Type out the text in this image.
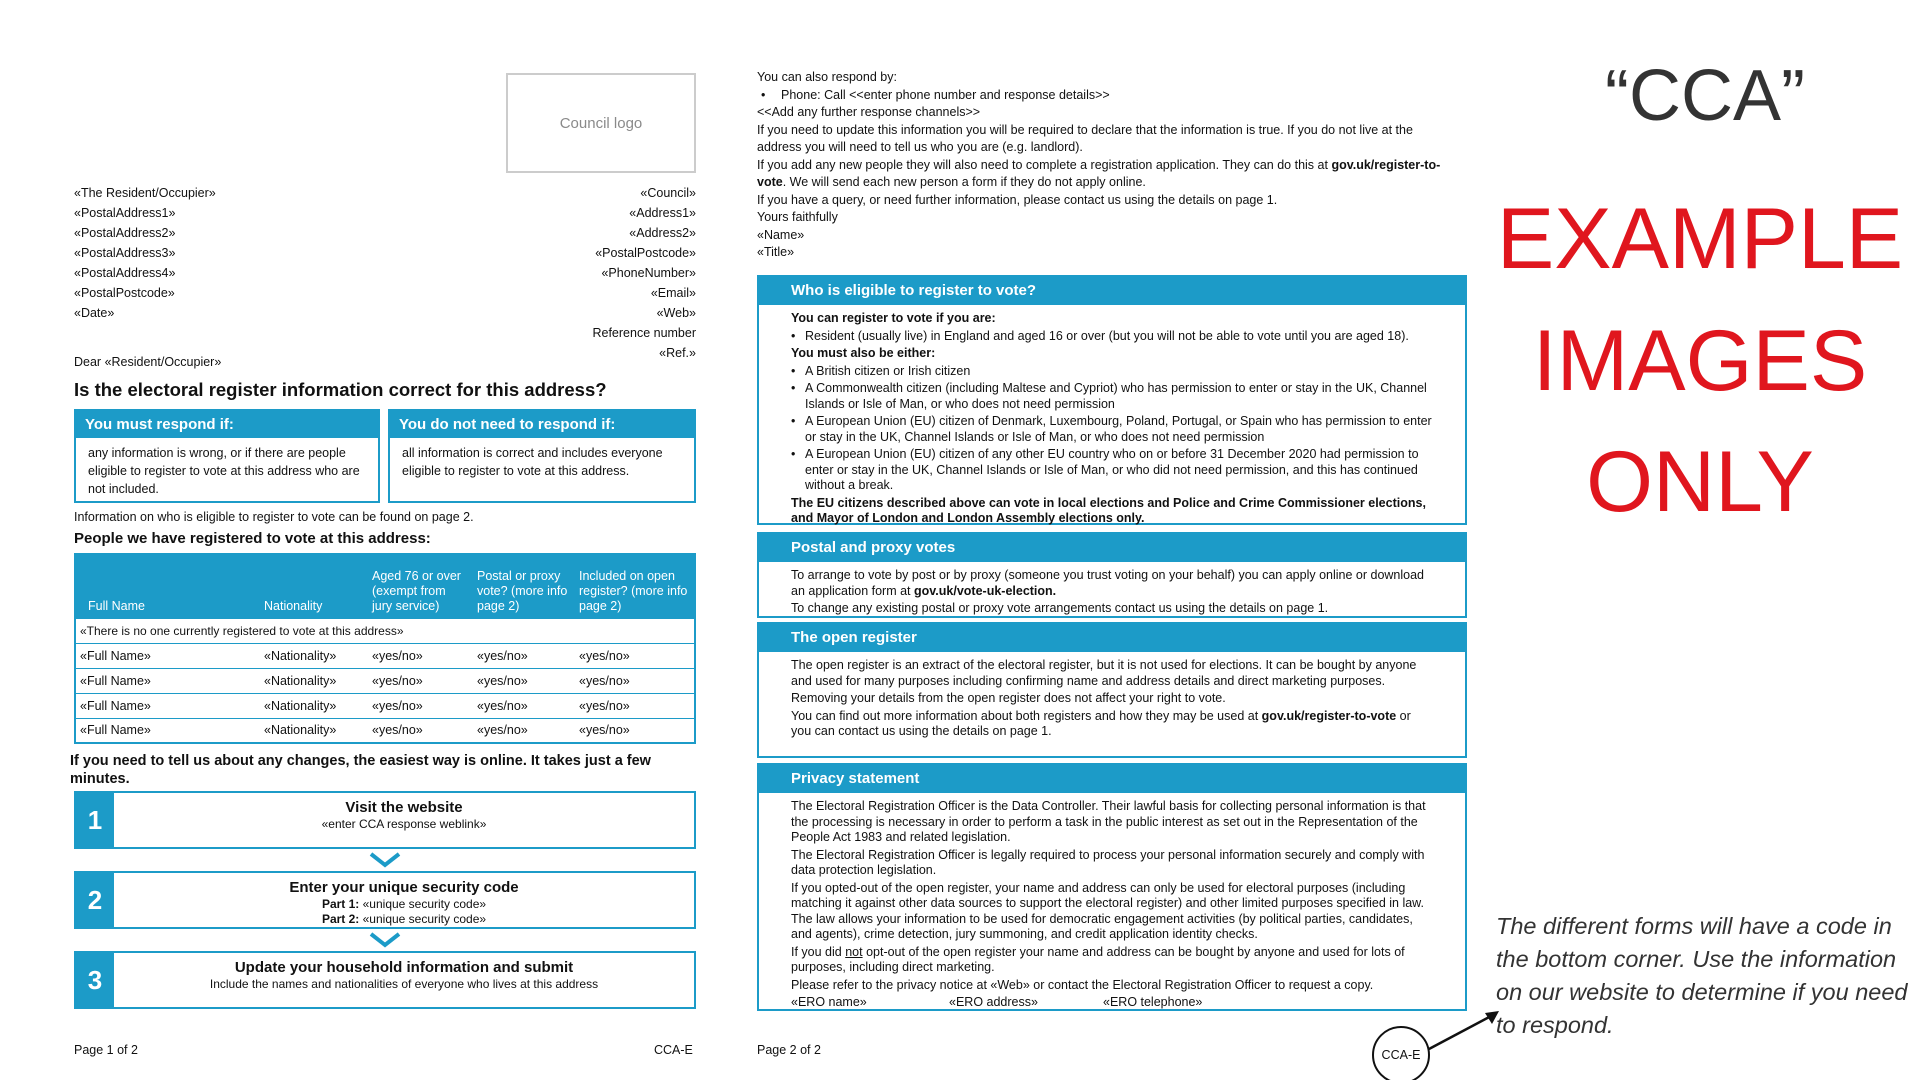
Council logo
«The Resident/Occupier»
«PostalAddress1»
«PostalAddress2»
«PostalAddress3»
«PostalAddress4»
«PostalPostcode»
«Date»
«Council»
«Address1»
«Address2»
«PostalPostcode»
«PhoneNumber»
«Email»
«Web»
Reference number
«Ref.»
Dear «Resident/Occupier»
Is the electoral register information correct for this address?
You must respond if:
any information is wrong, or if there are people eligible to register to vote at this address who are not included.
You do not need to respond if:
all information is correct and includes everyone eligible to register to vote at this address.
Information on who is eligible to register to vote can be found on page 2.
People we have registered to vote at this address:
Full Name	Nationality	Aged 76 or over (exempt from jury service)	Postal or proxy vote? (more info page 2)	Included on open register? (more info page 2)
«There is no one currently registered to vote at this address»				
«Full Name»	«Nationality»	«yes/no»	«yes/no»	«yes/no»
«Full Name»	«Nationality»	«yes/no»	«yes/no»	«yes/no»
«Full Name»	«Nationality»	«yes/no»	«yes/no»	«yes/no»
«Full Name»	«Nationality»	«yes/no»	«yes/no»	«yes/no»
If you need to tell us about any changes, the easiest way is online. It takes just a few minutes.
1	Visit the website
«enter CCA response weblink»
2	Enter your unique security code
Part 1: «unique security code»
Part 2: «unique security code»
3	Update your household information and submit
Include the names and nationalities of everyone who lives at this address
Page 1 of 2	CCA-E

You can also respond by:

• Phone: Call <<enter phone number and response details>>

<<Add any further response channels>>

If you need to update this information you will be required to declare that the information is true. If you do not live at the address you will need to tell us who you are (e.g. landlord).

If you add any new people they will also need to complete a registration application. They can do this at gov.uk/register-to-vote. We will send each new person a form if they do not apply online.

If you have a query, or need further information, please contact us using the details on page 1.

Yours faithfully

«Name»

«Title»

Who is eligible to register to vote?

You can register to vote if you are:

• Resident (usually live) in England and aged 16 or over (but you will not be able to vote until you are aged 18).

You must also be either:

• A British citizen or Irish citizen

• A Commonwealth citizen (including Maltese and Cypriot) who has permission to enter or stay in the UK, Channel Islands or Isle of Man, or who does not need permission

• A European Union (EU) citizen of Denmark, Luxembourg, Poland, Portugal, or Spain who has permission to enter or stay in the UK, Channel Islands or Isle of Man, or who does not need permission

• A European Union (EU) citizen of any other EU country who on or before 31 December 2020 had permission to enter or stay in the UK, Channel Islands or Isle of Man, or who did not need permission, and this has continued without a break.

The EU citizens described above can vote in local elections and Police and Crime Commissioner elections, and Mayor of London and London Assembly elections only.

Postal and proxy votes

To arrange to vote by post or by proxy (someone you trust voting on your behalf) you can apply online or download an application form at gov.uk/vote-uk-election.

To change any existing postal or proxy vote arrangements contact us using the details on page 1.

The open register

The open register is an extract of the electoral register, but it is not used for elections. It can be bought by anyone and used for many purposes including confirming name and address details and direct marketing purposes.

Removing your details from the open register does not affect your right to vote.

You can find out more information about both registers and how they may be used at gov.uk/register-to-vote or you can contact us using the details on page 1.

Privacy statement

The Electoral Registration Officer is the Data Controller. Their lawful basis for collecting personal information is that the processing is necessary in order to perform a task in the public interest as set out in the Representation of the People Act 1983 and related legislation.

The Electoral Registration Officer is legally required to process your personal information securely and comply with data protection legislation.

If you opted-out of the open register, your name and address can only be used for electoral purposes (including matching it against other data sources to support the electoral register) and other limited purposes specified in law. The law allows your information to be used for democratic engagement activities (by political parties, candidates, and agents), crime detection, jury summoning, and credit application identity checks.

If you did not opt-out of the open register your name and address can be bought by anyone and used for lots of purposes, including direct marketing.

Please refer to the privacy notice at «Web» or contact the Electoral Registration Officer to request a copy.

«ERO name»	«ERO address»	«ERO telephone»

Page 2 of 2	CCA-E
“CCA”
EXAMPLE
IMAGES
ONLY
The different forms will have a code in the bottom corner. Use the information on our website to determine if you need to respond.
